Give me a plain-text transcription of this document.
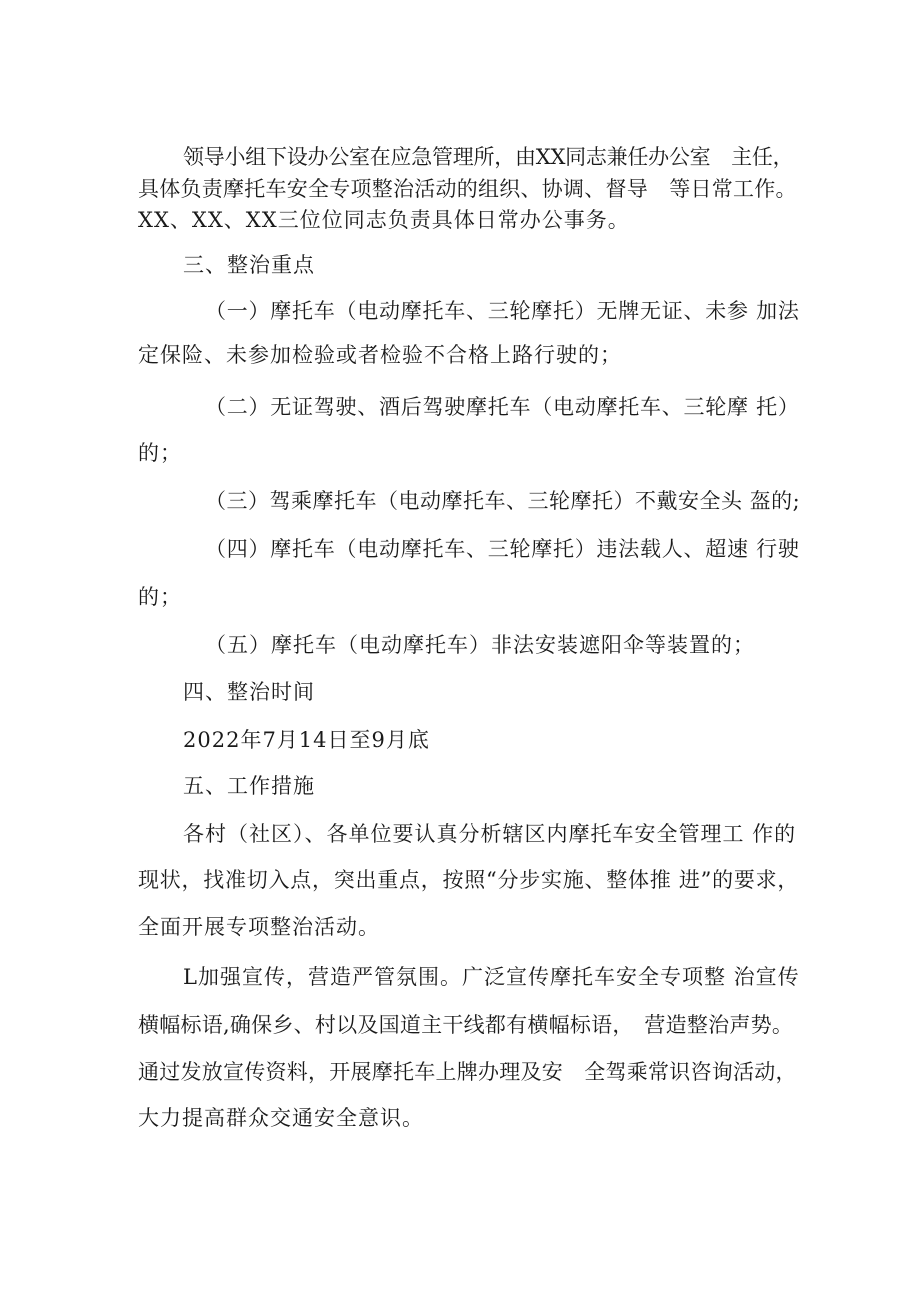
领导小组下设办公室在应急管理所，由XX同志兼任办公室　主任，
具体负责摩托车安全专项整治活动的组织、协调、督导　等日常工作。
XX、XX、XX三位位同志负责具体日常办公事务。
三、整治重点
（一）摩托车（电动摩托车、三轮摩托）无牌无证、未参 加法
定保险、未参加检验或者检验不合格上路行驶的；
（二）无证驾驶、酒后驾驶摩托车（电动摩托车、三轮摩 托）
的；
（三）驾乘摩托车（电动摩托车、三轮摩托）不戴安全头 盔的;
（四）摩托车（电动摩托车、三轮摩托）违法载人、超速 行驶
的；
（五）摩托车（电动摩托车）非法安装遮阳伞等装置的；
四、整治时间
2022年7月14日至9月底
五、工作措施
各村（社区）、各单位要认真分析辖区内摩托车安全管理工 作的
现状，找准切入点，突出重点，按照“分步实施、整体推 进”的要求，
全面开展专项整治活动。
L加强宣传，营造严管氛围。广泛宣传摩托车安全专项整 治宣传
横幅标语,确保乡、村以及国道主干线都有横幅标语，　营造整治声势。
通过发放宣传资料，开展摩托车上牌办理及安　全驾乘常识咨询活动，
大力提高群众交通安全意识。
